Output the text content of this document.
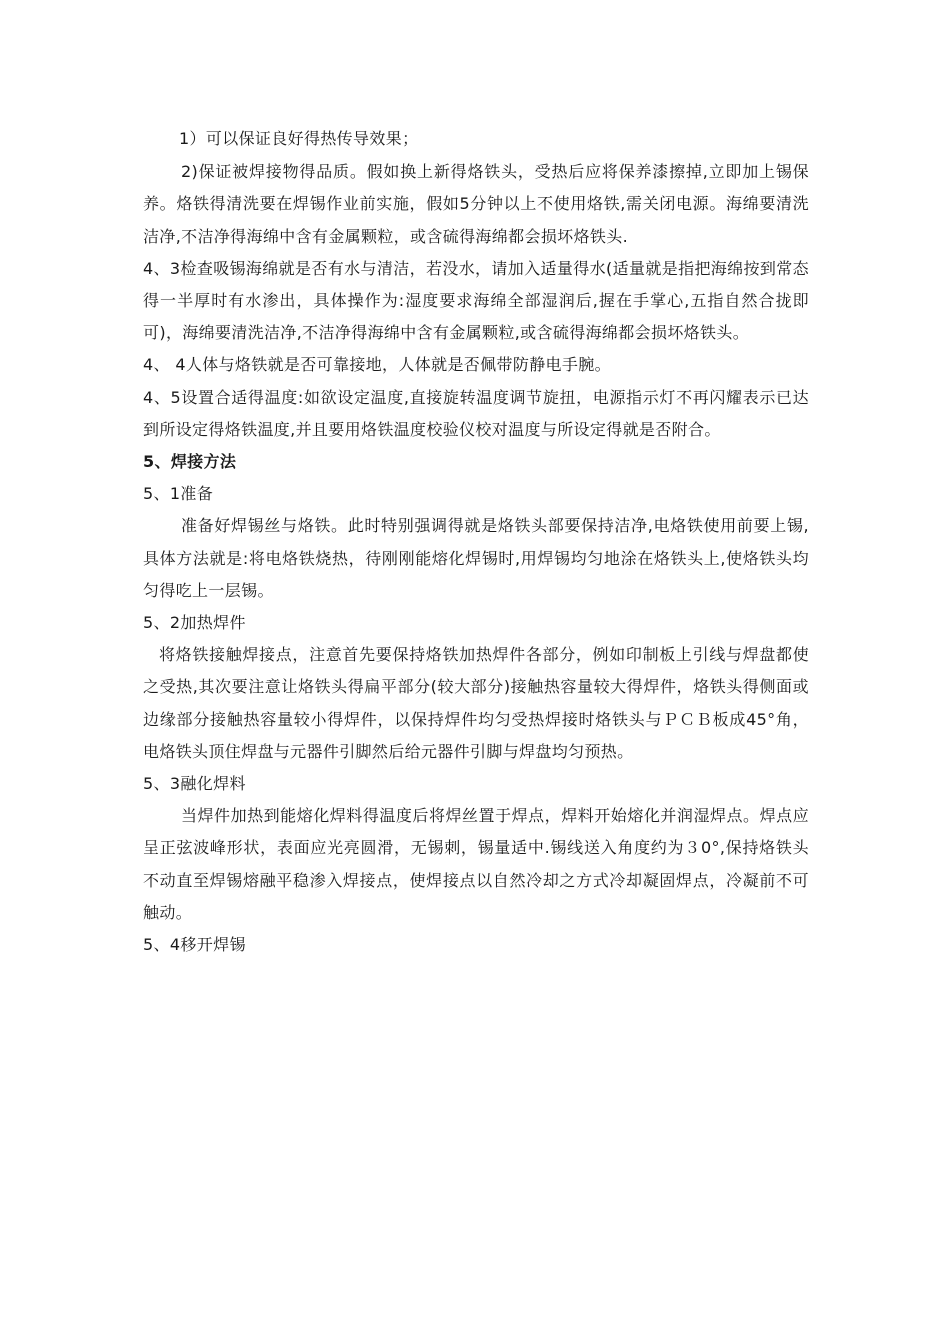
1）可以保证良好得热传导效果；

2)保证被焊接物得品质。假如换上新得烙铁头，受热后应将保养漆擦掉,立即加上锡保养。烙铁得清洗要在焊锡作业前实施，假如5分钟以上不使用烙铁,需关闭电源。海绵要清洗洁净,不洁净得海绵中含有金属颗粒，或含硫得海绵都会损坏烙铁头.

4、3检查吸锡海绵就是否有水与清洁，若没水，请加入适量得水(适量就是指把海绵按到常态得一半厚时有水渗出，具体操作为:湿度要求海绵全部湿润后,握在手掌心,五指自然合拢即可)，海绵要清洗洁净,不洁净得海绵中含有金属颗粒,或含硫得海绵都会损坏烙铁头。

4、 4人体与烙铁就是否可靠接地，人体就是否佩带防静电手腕。

4、5设置合适得温度:如欲设定温度,直接旋转温度调节旋扭，电源指示灯不再闪耀表示已达到所设定得烙铁温度,并且要用烙铁温度校验仪校对温度与所设定得就是否附合。

5、焊接方法

5、1准备

准备好焊锡丝与烙铁。此时特别强调得就是烙铁头部要保持洁净,电烙铁使用前要上锡,具体方法就是:将电烙铁烧热，待刚刚能熔化焊锡时,用焊锡均匀地涂在烙铁头上,使烙铁头均匀得吃上一层锡。

5、2加热焊件

将烙铁接触焊接点，注意首先要保持烙铁加热焊件各部分，例如印制板上引线与焊盘都使之受热,其次要注意让烙铁头得扁平部分(较大部分)接触热容量较大得焊件，烙铁头得侧面或边缘部分接触热容量较小得焊件，以保持焊件均匀受热焊接时烙铁头与ＰＣＢ板成45°角，电烙铁头顶住焊盘与元器件引脚然后给元器件引脚与焊盘均匀预热。

5、3融化焊料

当焊件加热到能熔化焊料得温度后将焊丝置于焊点，焊料开始熔化并润湿焊点。焊点应呈正弦波峰形状，表面应光亮圆滑，无锡刺，锡量适中.锡线送入角度约为３0°,保持烙铁头不动直至焊锡熔融平稳渗入焊接点，使焊接点以自然冷却之方式冷却凝固焊点，冷凝前不可触动。

5、4移开焊锡
